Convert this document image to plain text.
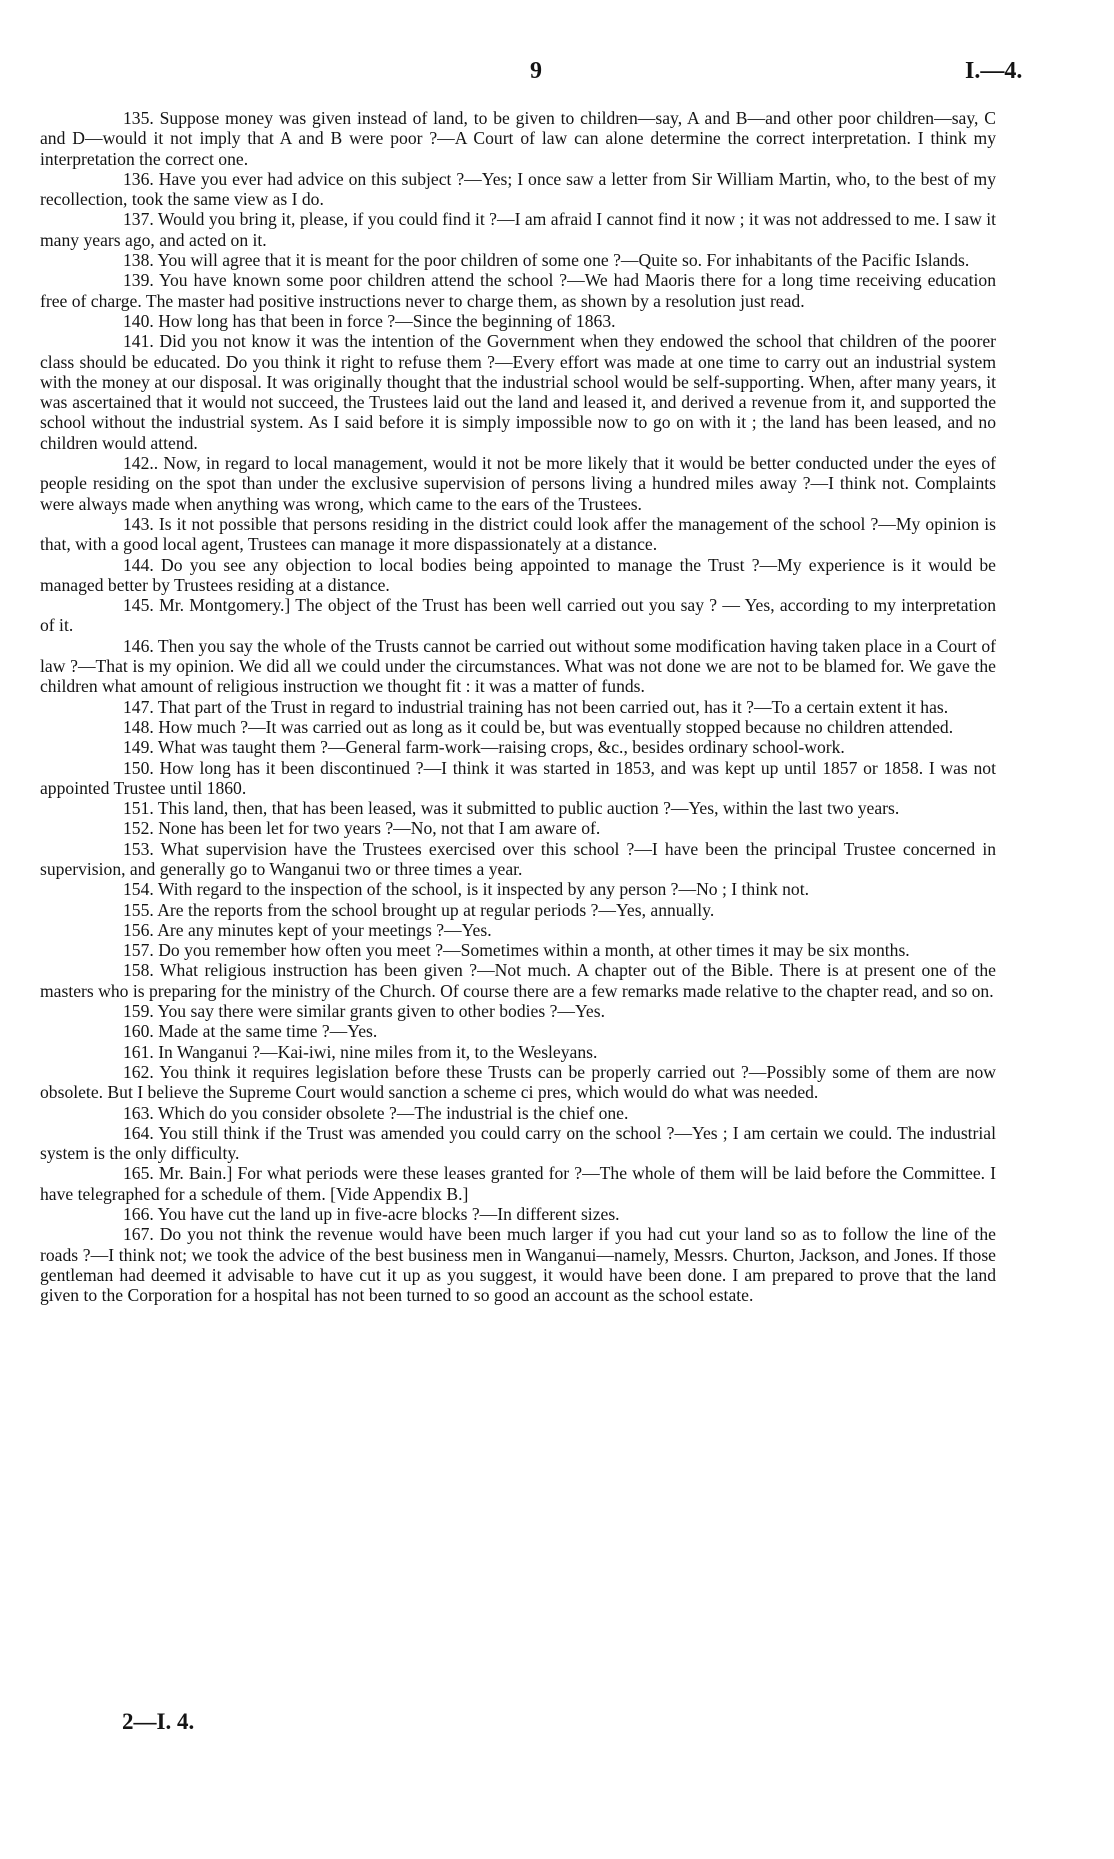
9	I.—4.

135. Suppose money was given instead of land, to be given to children—say, A and B—and other poor children—say, C and D—would it not imply that A and B were poor ?—A Court of law can alone determine the correct interpretation. I think my interpretation the correct one.

136. Have you ever had advice on this subject ?—Yes; I once saw a letter from Sir William Martin, who, to the best of my recollection, took the same view as I do.

137. Would you bring it, please, if you could find it ?—I am afraid I cannot find it now ; it was not addressed to me. I saw it many years ago, and acted on it.

138. You will agree that it is meant for the poor children of some one ?—Quite so. For inhabitants of the Pacific Islands.

139. You have known some poor children attend the school ?—We had Maoris there for a long time receiving education free of charge. The master had positive instructions never to charge them, as shown by a resolution just read.

140. How long has that been in force ?—Since the beginning of 1863.

141. Did you not know it was the intention of the Government when they endowed the school that children of the poorer class should be educated. Do you think it right to refuse them ?—Every effort was made at one time to carry out an industrial system with the money at our disposal. It was originally thought that the industrial school would be self-supporting. When, after many years, it was ascertained that it would not succeed, the Trustees laid out the land and leased it, and derived a revenue from it, and supported the school without the industrial system. As I said before it is simply impossible now to go on with it ; the land has been leased, and no children would attend.

142.. Now, in regard to local management, would it not be more likely that it would be better conducted under the eyes of people residing on the spot than under the exclusive supervision of persons living a hundred miles away ?—I think not. Complaints were always made when anything was wrong, which came to the ears of the Trustees.

143. Is it not possible that persons residing in the district could look affer the management of the school ?—My opinion is that, with a good local agent, Trustees can manage it more dispassionately at a distance.

144. Do you see any objection to local bodies being appointed to manage the Trust ?—My experience is it would be managed better by Trustees residing at a distance.

145. Mr. Montgomery.] The object of the Trust has been well carried out you say ? — Yes, according to my interpretation of it.

146. Then you say the whole of the Trusts cannot be carried out without some modification having taken place in a Court of law ?—That is my opinion. We did all we could under the circumstances. What was not done we are not to be blamed for. We gave the children what amount of religious instruction we thought fit : it was a matter of funds.

147. That part of the Trust in regard to industrial training has not been carried out, has it ?—To a certain extent it has.

148. How much ?—It was carried out as long as it could be, but was eventually stopped because no children attended.

149. What was taught them ?—General farm-work—raising crops, &c., besides ordinary school-work.

150. How long has it been discontinued ?—I think it was started in 1853, and was kept up until 1857 or 1858. I was not appointed Trustee until 1860.

151. This land, then, that has been leased, was it submitted to public auction ?—Yes, within the last two years.

152. None has been let for two years ?—No, not that I am aware of.

153. What supervision have the Trustees exercised over this school ?—I have been the principal Trustee concerned in supervision, and generally go to Wanganui two or three times a year.

154. With regard to the inspection of the school, is it inspected by any person ?—No ; I think not.

155. Are the reports from the school brought up at regular periods ?—Yes, annually.

156. Are any minutes kept of your meetings ?—Yes.

157. Do you remember how often you meet ?—Sometimes within a month, at other times it may be six months.

158. What religious instruction has been given ?—Not much. A chapter out of the Bible. There is at present one of the masters who is preparing for the ministry of the Church. Of course there are a few remarks made relative to the chapter read, and so on.

159. You say there were similar grants given to other bodies ?—Yes.

160. Made at the same time ?—Yes.

161. In Wanganui ?—Kai-iwi, nine miles from it, to the Wesleyans.

162. You think it requires legislation before these Trusts can be properly carried out ?—Possibly some of them are now obsolete. But I believe the Supreme Court would sanction a scheme ci pres, which would do what was needed.

163. Which do you consider obsolete ?—The industrial is the chief one.

164. You still think if the Trust was amended you could carry on the school ?—Yes ; I am certain we could. The industrial system is the only difficulty.

165. Mr. Bain.] For what periods were these leases granted for ?—The whole of them will be laid before the Committee. I have telegraphed for a schedule of them. [Vide Appendix B.]

166. You have cut the land up in five-acre blocks ?—In different sizes.

167. Do you not think the revenue would have been much larger if you had cut your land so as to follow the line of the roads ?—I think not; we took the advice of the best business men in Wanganui—namely, Messrs. Churton, Jackson, and Jones. If those gentleman had deemed it advisable to have cut it up as you suggest, it would have been done. I am prepared to prove that the land given to the Corporation for a hospital has not been turned to so good an account as the school estate.

2—I. 4.
